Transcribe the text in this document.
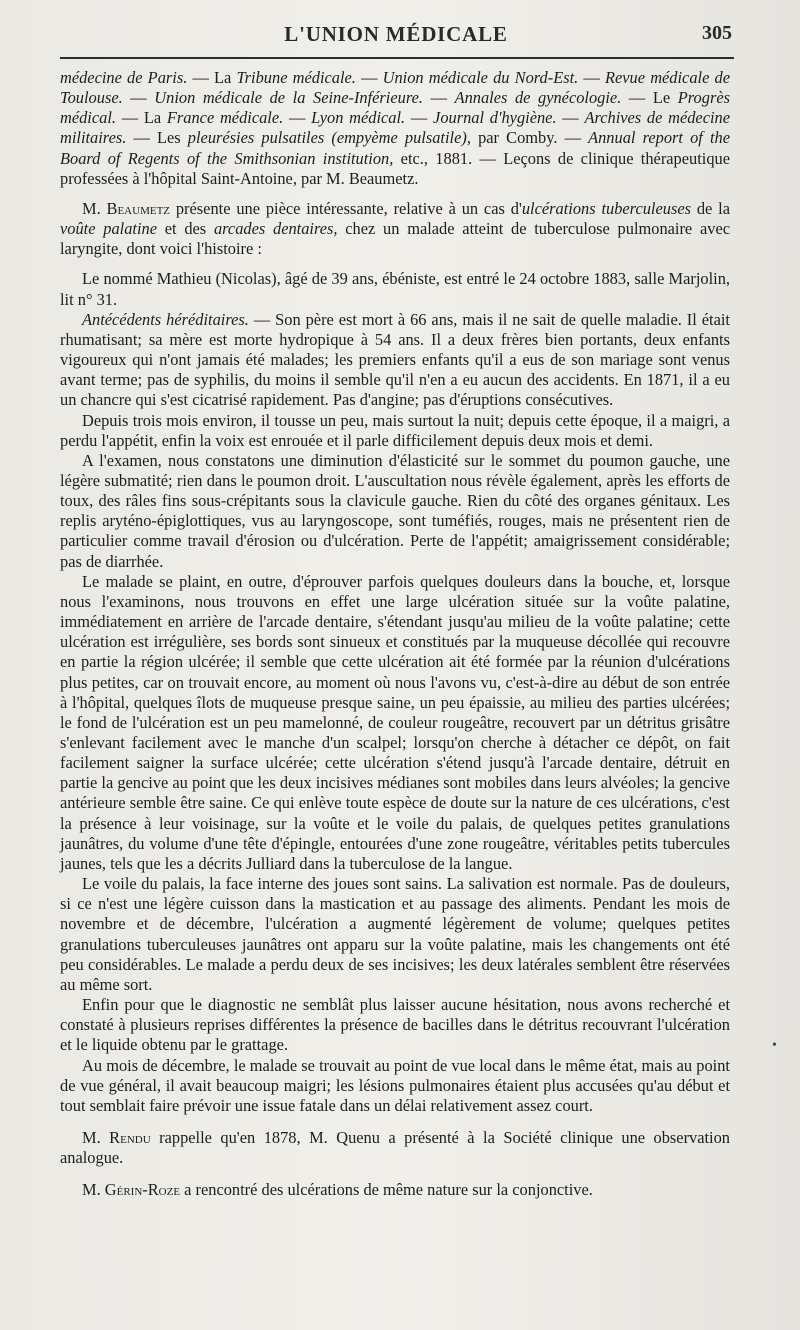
L'UNION MÉDICALE	305

médecine de Paris. — La Tribune médicale. — Union médicale du Nord-Est. — Revue médicale de Toulouse. — Union médicale de la Seine-Inférieure. — Annales de gynécologie. — Le Progrès médical. — La France médicale. — Lyon médical. — Journal d'hygiène. — Archives de médecine militaires. — Les pleurésies pulsatiles (empyème pulsatile), par Comby. — Annual report of the Board of Regents of the Smithsonian institution, etc., 1881. — Leçons de clinique thérapeutique professées à l'hôpital Saint-Antoine, par M. Beaumetz.

M. Beaumetz présente une pièce intéressante, relative à un cas d'ulcérations tuberculeuses de la voûte palatine et des arcades dentaires, chez un malade atteint de tuberculose pulmonaire avec laryngite, dont voici l'histoire :

Le nommé Mathieu (Nicolas), âgé de 39 ans, ébéniste, est entré le 24 octobre 1883, salle Marjolin, lit n° 31.

Antécédents héréditaires. — Son père est mort à 66 ans, mais il ne sait de quelle maladie. Il était rhumatisant; sa mère est morte hydropique à 54 ans. Il a deux frères bien portants, deux enfants vigoureux qui n'ont jamais été malades; les premiers enfants qu'il a eus de son mariage sont venus avant terme; pas de syphilis, du moins il semble qu'il n'en a eu aucun des accidents. En 1871, il a eu un chancre qui s'est cicatrisé rapidement. Pas d'angine; pas d'éruptions consécutives.

Depuis trois mois environ, il tousse un peu, mais surtout la nuit; depuis cette époque, il a maigri, a perdu l'appétit, enfin la voix est enrouée et il parle difficilement depuis deux mois et demi.

A l'examen, nous constatons une diminution d'élasticité sur le sommet du poumon gauche, une légère submatité; rien dans le poumon droit. L'auscultation nous révèle également, après les efforts de toux, des râles fins sous-crépitants sous la clavicule gauche. Rien du côté des organes génitaux. Les replis aryténo-épiglottiques, vus au laryngoscope, sont tuméfiés, rouges, mais ne présentent rien de particulier comme travail d'érosion ou d'ulcération. Perte de l'appétit; amaigrissement considérable; pas de diarrhée.

Le malade se plaint, en outre, d'éprouver parfois quelques douleurs dans la bouche, et, lorsque nous l'examinons, nous trouvons en effet une large ulcération située sur la voûte palatine, immédiatement en arrière de l'arcade dentaire, s'étendant jusqu'au milieu de la voûte palatine; cette ulcération est irrégulière, ses bords sont sinueux et constitués par la muqueuse décollée qui recouvre en partie la région ulcérée; il semble que cette ulcération ait été formée par la réunion d'ulcérations plus petites, car on trouvait encore, au moment où nous l'avons vu, c'est-à-dire au début de son entrée à l'hôpital, quelques îlots de muqueuse presque saine, un peu épaissie, au milieu des parties ulcérées; le fond de l'ulcération est un peu mamelonné, de couleur rougeâtre, recouvert par un détritus grisâtre s'enlevant facilement avec le manche d'un scalpel; lorsqu'on cherche à détacher ce dépôt, on fait facilement saigner la surface ulcérée; cette ulcération s'étend jusqu'à l'arcade dentaire, détruit en partie la gencive au point que les deux incisives médianes sont mobiles dans leurs alvéoles; la gencive antérieure semble être saine. Ce qui enlève toute espèce de doute sur la nature de ces ulcérations, c'est la présence à leur voisinage, sur la voûte et le voile du palais, de quelques petites granulations jaunâtres, du volume d'une tête d'épingle, entourées d'une zone rougeâtre, véritables petits tubercules jaunes, tels que les a décrits Julliard dans la tuberculose de la langue.

Le voile du palais, la face interne des joues sont sains. La salivation est normale. Pas de douleurs, si ce n'est une légère cuisson dans la mastication et au passage des aliments. Pendant les mois de novembre et de décembre, l'ulcération a augmenté légèrement de volume; quelques petites granulations tuberculeuses jaunâtres ont apparu sur la voûte palatine, mais les changements ont été peu considérables. Le malade a perdu deux de ses incisives; les deux latérales semblent être réservées au même sort.

Enfin pour que le diagnostic ne semblât plus laisser aucune hésitation, nous avons recherché et constaté à plusieurs reprises différentes la présence de bacilles dans le détritus recouvrant l'ulcération et le liquide obtenu par le grattage.

Au mois de décembre, le malade se trouvait au point de vue local dans le même état, mais au point de vue général, il avait beaucoup maigri; les lésions pulmonaires étaient plus accusées qu'au début et tout semblait faire prévoir une issue fatale dans un délai relativement assez court.

M. Rendu rappelle qu'en 1878, M. Quenu a présenté à la Société clinique une observation analogue.

M. Gérin-Roze a rencontré des ulcérations de même nature sur la conjonctive.

•
